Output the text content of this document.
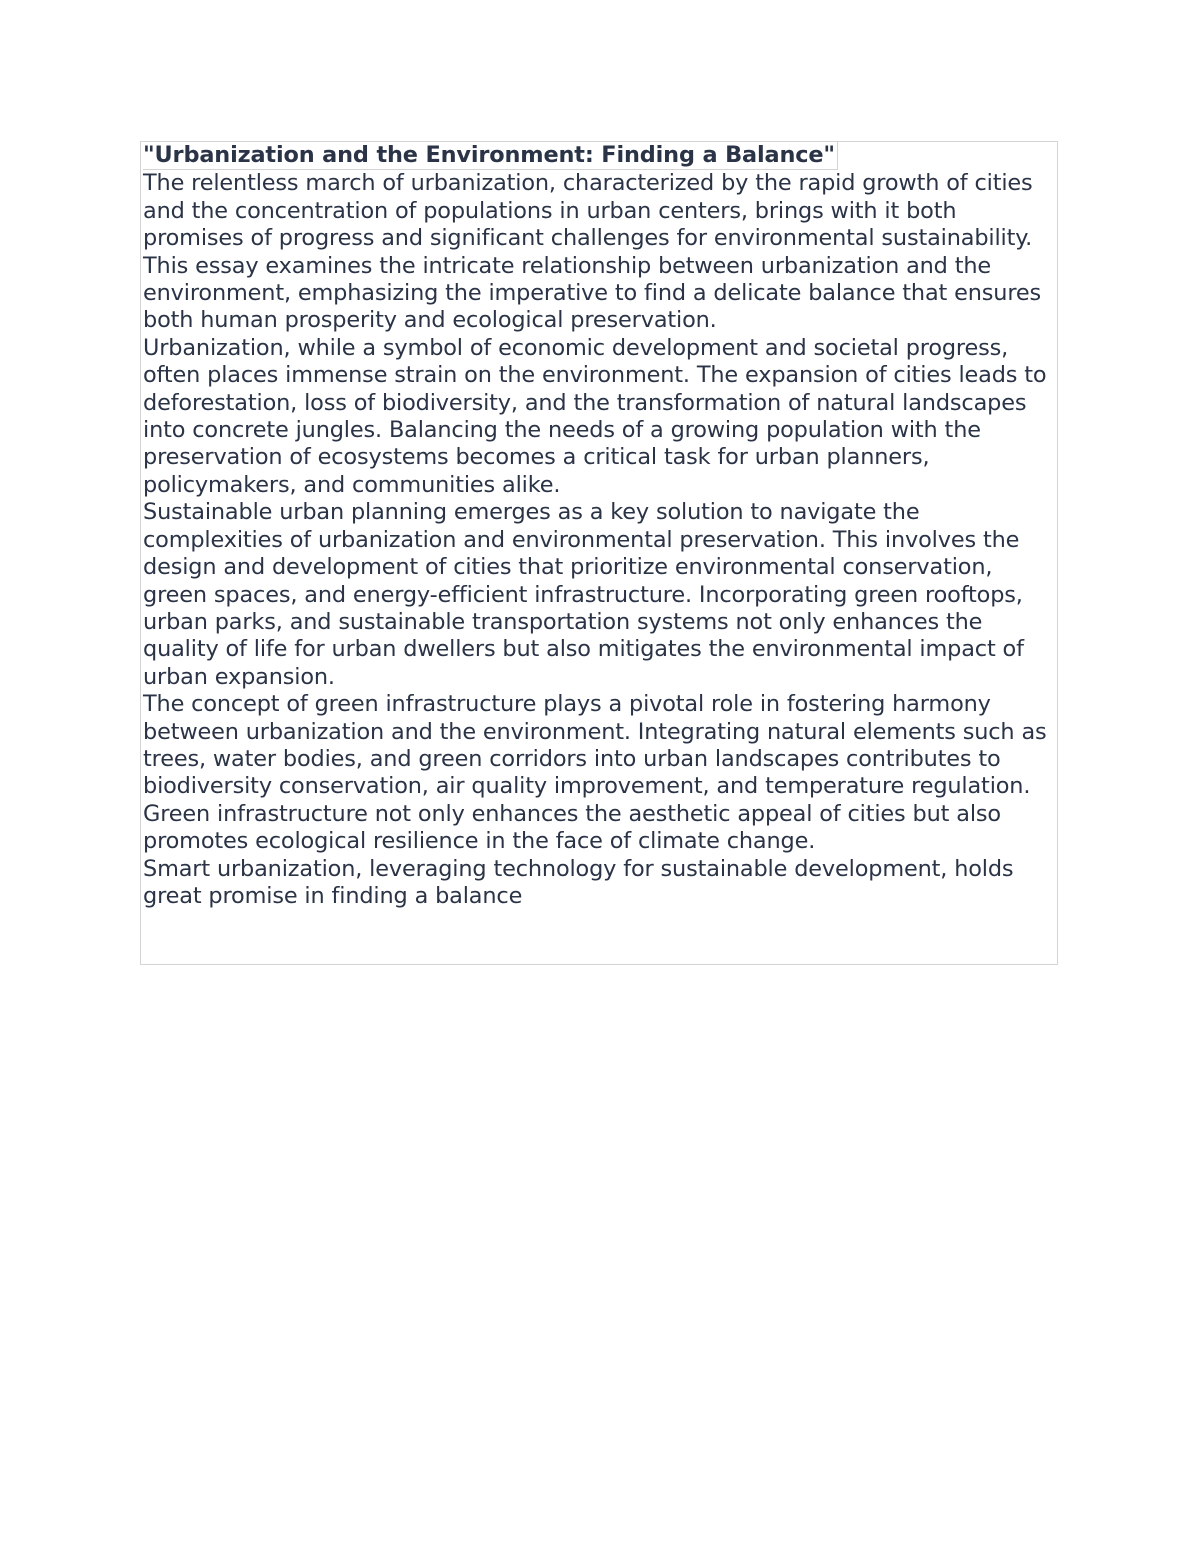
"Urbanization and the Environment: Finding a Balance"

The relentless march of urbanization, characterized by the rapid growth of cities and the concentration of populations in urban centers, brings with it both promises of progress and significant challenges for environmental sustainability. This essay examines the intricate relationship between urbanization and the environment, emphasizing the imperative to find a delicate balance that ensures both human prosperity and ecological preservation.

Urbanization, while a symbol of economic development and societal progress, often places immense strain on the environment. The expansion of cities leads to deforestation, loss of biodiversity, and the transformation of natural landscapes into concrete jungles. Balancing the needs of a growing population with the preservation of ecosystems becomes a critical task for urban planners, policymakers, and communities alike.

Sustainable urban planning emerges as a key solution to navigate the complexities of urbanization and environmental preservation. This involves the design and development of cities that prioritize environmental conservation, green spaces, and energy-efficient infrastructure. Incorporating green rooftops, urban parks, and sustainable transportation systems not only enhances the quality of life for urban dwellers but also mitigates the environmental impact of urban expansion.

The concept of green infrastructure plays a pivotal role in fostering harmony between urbanization and the environment. Integrating natural elements such as trees, water bodies, and green corridors into urban landscapes contributes to biodiversity conservation, air quality improvement, and temperature regulation. Green infrastructure not only enhances the aesthetic appeal of cities but also promotes ecological resilience in the face of climate change.

Smart urbanization, leveraging technology for sustainable development, holds great promise in finding a balance
